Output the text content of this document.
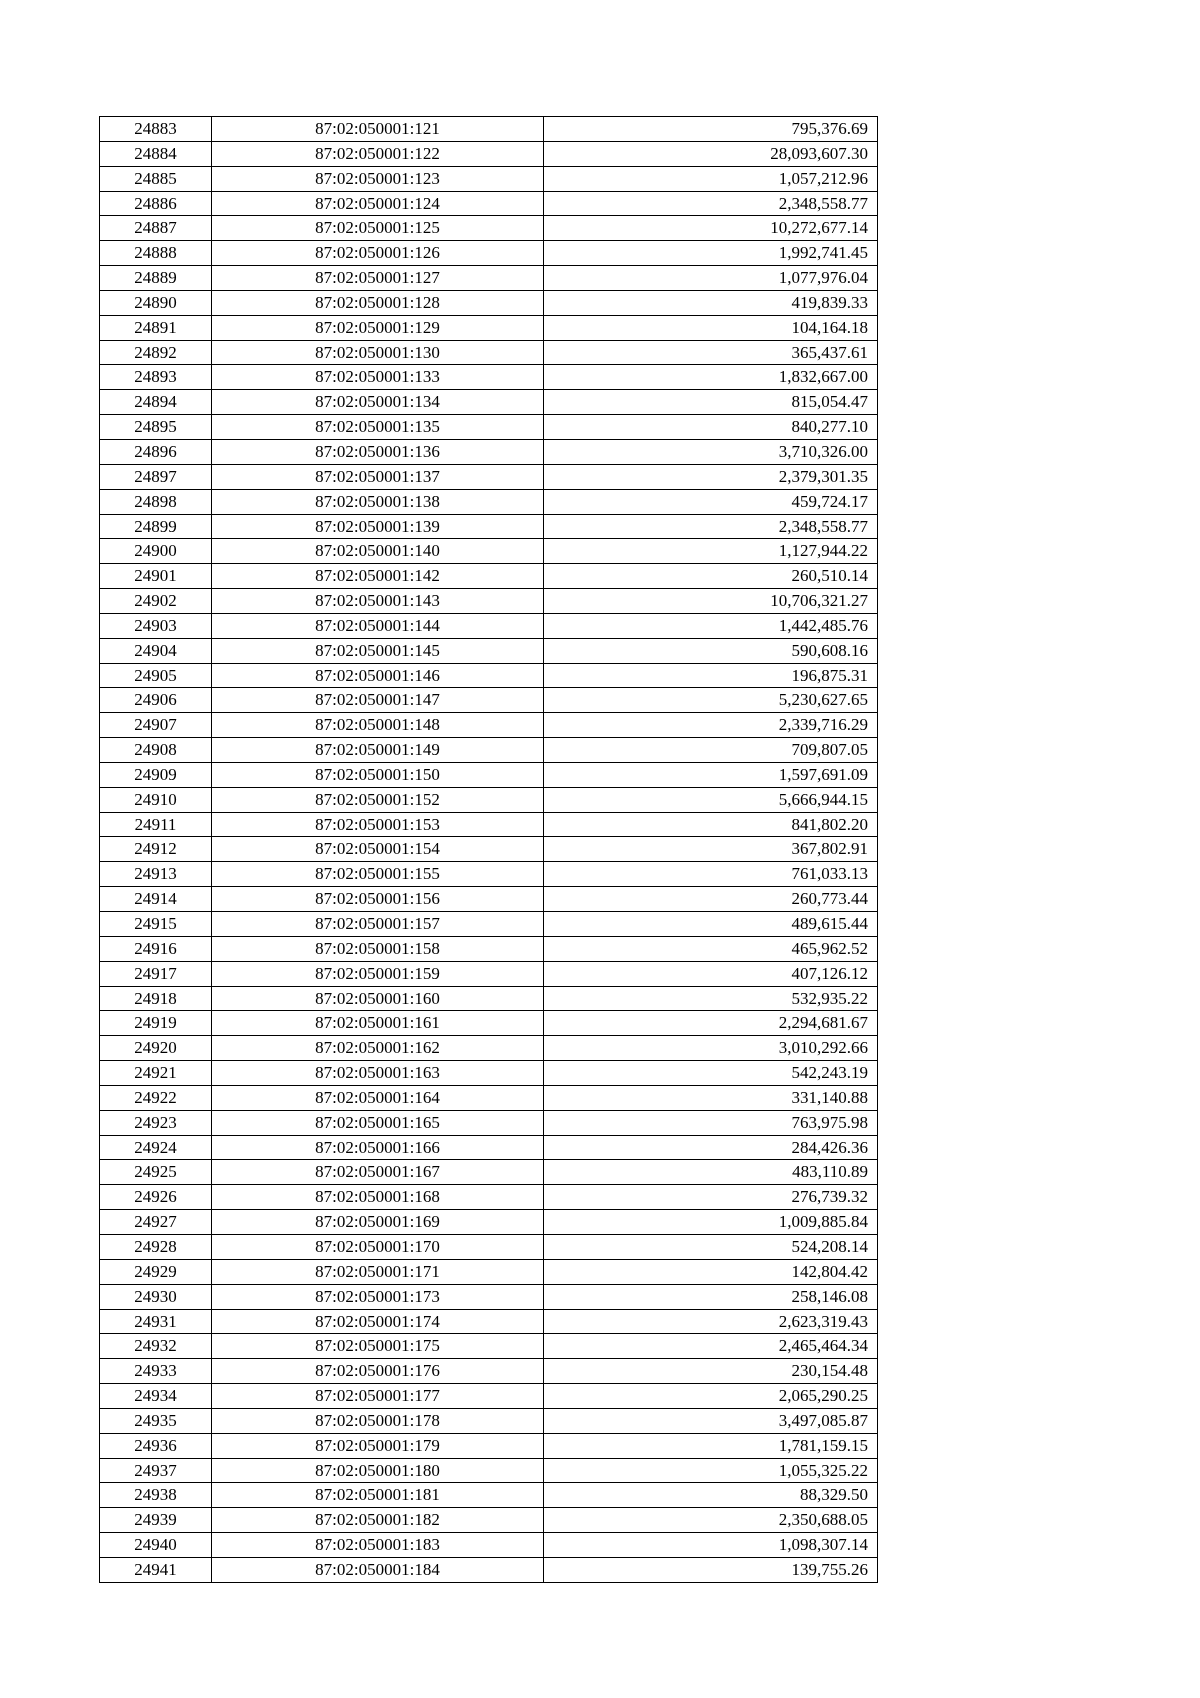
24883	87:02:050001:121	795,376.69
24884	87:02:050001:122	28,093,607.30
24885	87:02:050001:123	1,057,212.96
24886	87:02:050001:124	2,348,558.77
24887	87:02:050001:125	10,272,677.14
24888	87:02:050001:126	1,992,741.45
24889	87:02:050001:127	1,077,976.04
24890	87:02:050001:128	419,839.33
24891	87:02:050001:129	104,164.18
24892	87:02:050001:130	365,437.61
24893	87:02:050001:133	1,832,667.00
24894	87:02:050001:134	815,054.47
24895	87:02:050001:135	840,277.10
24896	87:02:050001:136	3,710,326.00
24897	87:02:050001:137	2,379,301.35
24898	87:02:050001:138	459,724.17
24899	87:02:050001:139	2,348,558.77
24900	87:02:050001:140	1,127,944.22
24901	87:02:050001:142	260,510.14
24902	87:02:050001:143	10,706,321.27
24903	87:02:050001:144	1,442,485.76
24904	87:02:050001:145	590,608.16
24905	87:02:050001:146	196,875.31
24906	87:02:050001:147	5,230,627.65
24907	87:02:050001:148	2,339,716.29
24908	87:02:050001:149	709,807.05
24909	87:02:050001:150	1,597,691.09
24910	87:02:050001:152	5,666,944.15
24911	87:02:050001:153	841,802.20
24912	87:02:050001:154	367,802.91
24913	87:02:050001:155	761,033.13
24914	87:02:050001:156	260,773.44
24915	87:02:050001:157	489,615.44
24916	87:02:050001:158	465,962.52
24917	87:02:050001:159	407,126.12
24918	87:02:050001:160	532,935.22
24919	87:02:050001:161	2,294,681.67
24920	87:02:050001:162	3,010,292.66
24921	87:02:050001:163	542,243.19
24922	87:02:050001:164	331,140.88
24923	87:02:050001:165	763,975.98
24924	87:02:050001:166	284,426.36
24925	87:02:050001:167	483,110.89
24926	87:02:050001:168	276,739.32
24927	87:02:050001:169	1,009,885.84
24928	87:02:050001:170	524,208.14
24929	87:02:050001:171	142,804.42
24930	87:02:050001:173	258,146.08
24931	87:02:050001:174	2,623,319.43
24932	87:02:050001:175	2,465,464.34
24933	87:02:050001:176	230,154.48
24934	87:02:050001:177	2,065,290.25
24935	87:02:050001:178	3,497,085.87
24936	87:02:050001:179	1,781,159.15
24937	87:02:050001:180	1,055,325.22
24938	87:02:050001:181	88,329.50
24939	87:02:050001:182	2,350,688.05
24940	87:02:050001:183	1,098,307.14
24941	87:02:050001:184	139,755.26
